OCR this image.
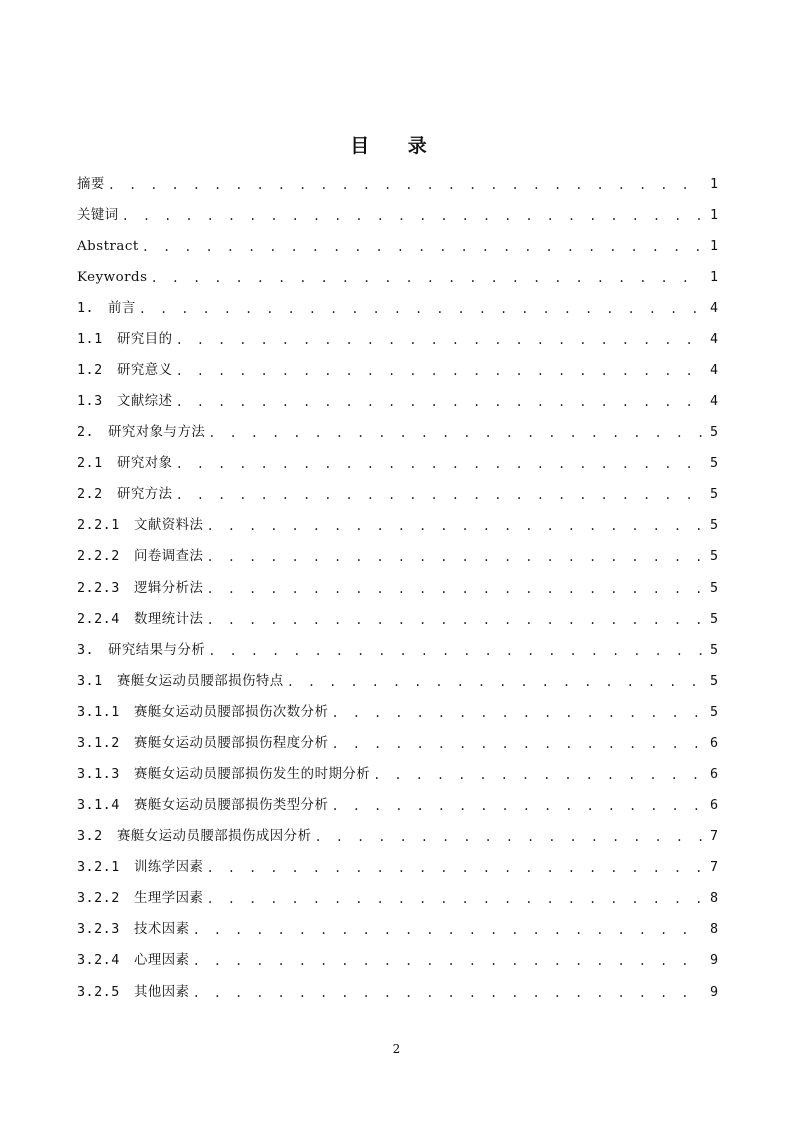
目 录
摘要 . . .	1
关键词 . . .	1
Abstract . . .	1
Keywords . . .	1
1.	前言 . . .	4
1.1	研究目的 . . .	4
1.2	研究意义 . . .	4
1.3	文献综述 . . .	4
2.	研究对象与方法 . . .	5
2.1	研究对象 . . .	5
2.2	研究方法 . . .	5
2.2.1	文献资料法 . . .	5
2.2.2	问卷调查法 . . .	5
2.2.3	逻辑分析法 . . .	5
2.2.4	数理统计法 . . .	5
3.	研究结果与分析 . . .	5
3.1	赛艇女运动员腰部损伤特点 . . .	5
3.1.1	赛艇女运动员腰部损伤次数分析 . . .	5
3.1.2	赛艇女运动员腰部损伤程度分析 . . .	6
3.1.3	赛艇女运动员腰部损伤发生的时期分析 . . .	6
3.1.4	赛艇女运动员腰部损伤类型分析 . . .	6
3.2	赛艇女运动员腰部损伤成因分析 . . .	7
3.2.1	训练学因素 . . .	7
3.2.2	生理学因素 . . .	8
3.2.3	技术因素 . . .	8
3.2.4	心理因素 . . .	9
3.2.5	其他因素 . . .	9
2
